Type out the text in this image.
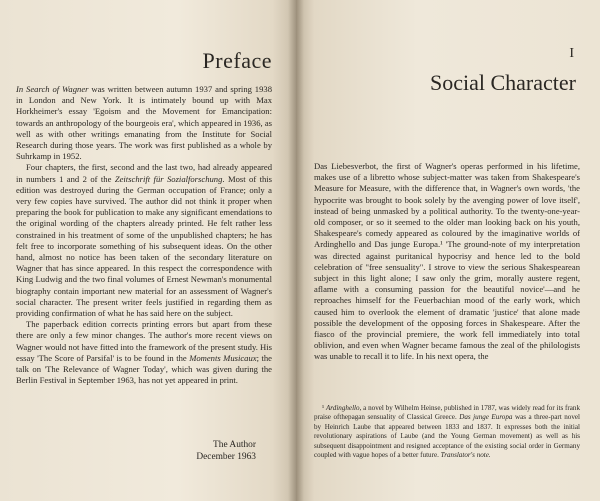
Preface

In Search of Wagner was written between autumn 1937 and spring 1938 in London and New York. It is intimately bound up with Max Horkheimer's essay 'Egoism and the Movement for Emancipation: towards an anthropology of the bourgeois era', which appeared in 1936, as well as with other writings emanating from the Institute for Social Research during those years. The work was first published as a whole by Suhrkamp in 1952.

Four chapters, the first, second and the last two, had already appeared in numbers 1 and 2 of the Zeitschrift für Sozialforschung. Most of this edition was destroyed during the German occupation of France; only a very few copies have survived. The author did not think it proper when preparing the book for publication to make any significant emendations to the original wording of the chapters already printed. He felt rather less constrained in his treatment of some of the unpublished chapters; he has felt free to incorporate something of his subsequent ideas. On the other hand, almost no notice has been taken of the secondary literature on Wagner that has since appeared. In this respect the correspondence with King Ludwig and the two final volumes of Ernest Newman's monumental biography contain important new material for an assessment of Wagner's social character. The present writer feels justified in regarding them as providing confirmation of what he has said here on the subject.

The paperback edition corrects printing errors but apart from these there are only a few minor changes. The author's more recent views on Wagner would not have fitted into the framework of the present study. His essay 'The Score of Parsifal' is to be found in the Moments Musicaux; the talk on 'The Relevance of Wagner Today', which was given during the Berlin Festival in September 1963, has not yet appeared in print.

The Author
December 1963
I
Social Character

Das Liebesverbot, the first of Wagner's operas performed in his lifetime, makes use of a libretto whose subject-matter was taken from Shakespeare's Measure for Measure, with the difference that, in Wagner's own words, 'the hypocrite was brought to book solely by the avenging power of love itself', instead of being unmasked by a political authority. To the twenty-one-year-old composer, or so it seemed to the older man looking back on his youth, Shakespeare's comedy appeared as coloured by the imaginative worlds of Ardinghello and Das junge Europa.¹ 'The ground-note of my interpretation was directed against puritanical hypocrisy and hence led to the bold celebration of "free sensuality". I strove to view the serious Shakespearean subject in this light alone; I saw only the grim, morally austere regent, aflame with a consuming passion for the beautiful novice'—and he reproaches himself for the Feuerbachian mood of the early work, which caused him to overlook the element of dramatic 'justice' that alone made possible the development of the opposing forces in Shakespeare. After the fiasco of the provincial premiere, the work fell immediately into total oblivion, and even when Wagner became famous the zeal of the philologists was unable to recall it to life. In his next opera, the

¹ Ardinghello, a novel by Wilhelm Heinse, published in 1787, was widely read for its frank praise ofthepagan sensuality of Classical Greece. Das junge Europa was a three-part novel by Heinrich Laube that appeared between 1833 and 1837. It expresses both the initial revolutionary aspirations of Laube (and the Young German movement) as well as his subsequent disappointment and resigned acceptance of the existing social order in Germany coupled with vague hopes of a better future. Translator's note.
